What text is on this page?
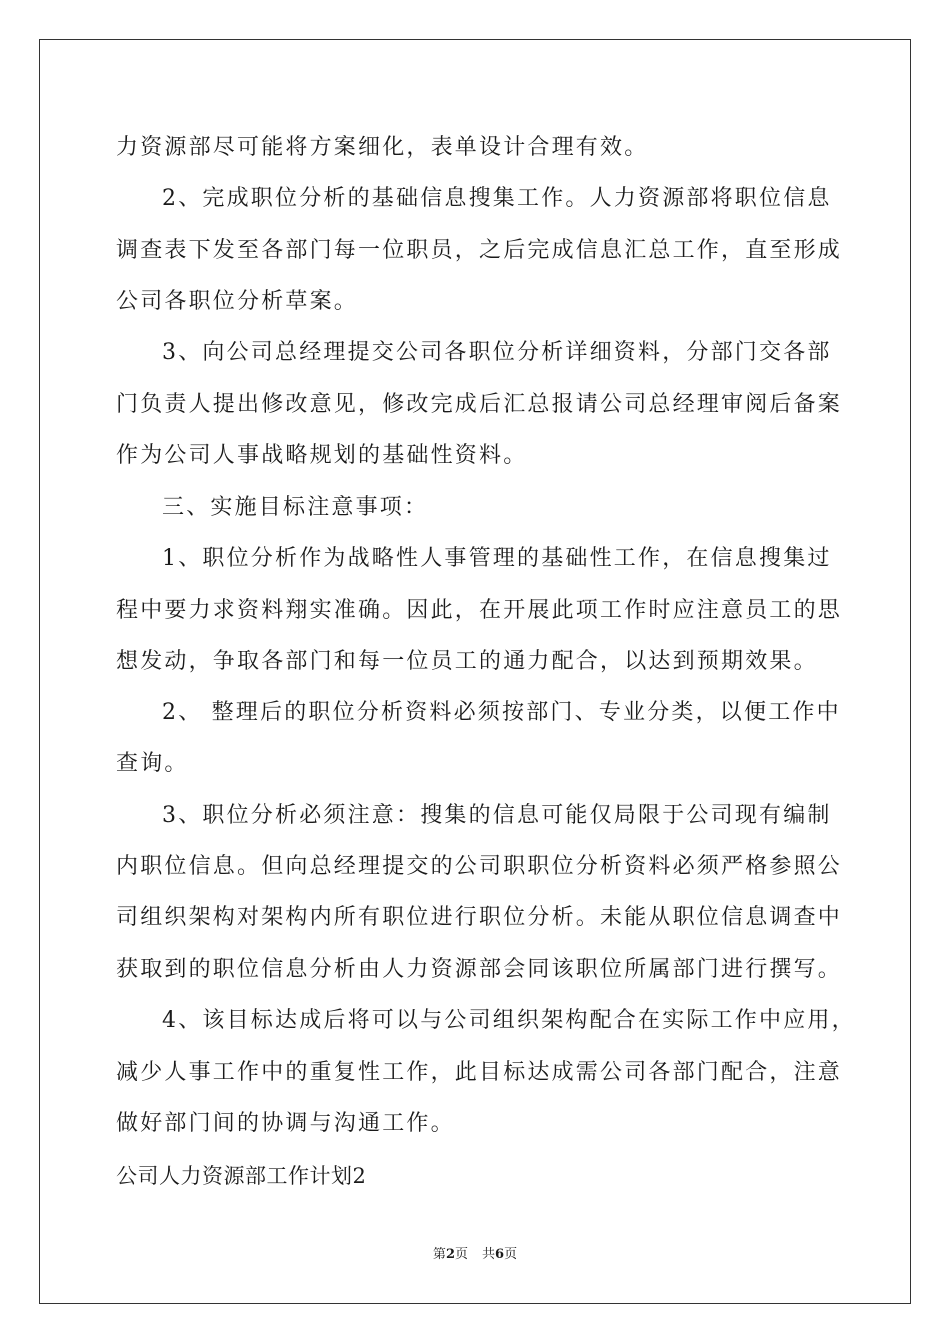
力资源部尽可能将方案细化，表单设计合理有效。
2、完成职位分析的基础信息搜集工作。人力资源部将职位信息
调查表下发至各部门每一位职员，之后完成信息汇总工作，直至形成
公司各职位分析草案。
3、向公司总经理提交公司各职位分析详细资料，分部门交各部
门负责人提出修改意见，修改完成后汇总报请公司总经理审阅后备案
作为公司人事战略规划的基础性资料。
三、实施目标注意事项：
1、职位分析作为战略性人事管理的基础性工作，在信息搜集过
程中要力求资料翔实准确。因此，在开展此项工作时应注意员工的思
想发动，争取各部门和每一位员工的通力配合，以达到预期效果。
2、 整理后的职位分析资料必须按部门、专业分类，以便工作中
查询。
3、职位分析必须注意：搜集的信息可能仅局限于公司现有编制
内职位信息。但向总经理提交的公司职职位分析资料必须严格参照公
司组织架构对架构内所有职位进行职位分析。未能从职位信息调查中
获取到的职位信息分析由人力资源部会同该职位所属部门进行撰写。
4、该目标达成后将可以与公司组织架构配合在实际工作中应用，
减少人事工作中的重复性工作，此目标达成需公司各部门配合，注意
做好部门间的协调与沟通工作。
公司人力资源部工作计划2
第2页 共6页
